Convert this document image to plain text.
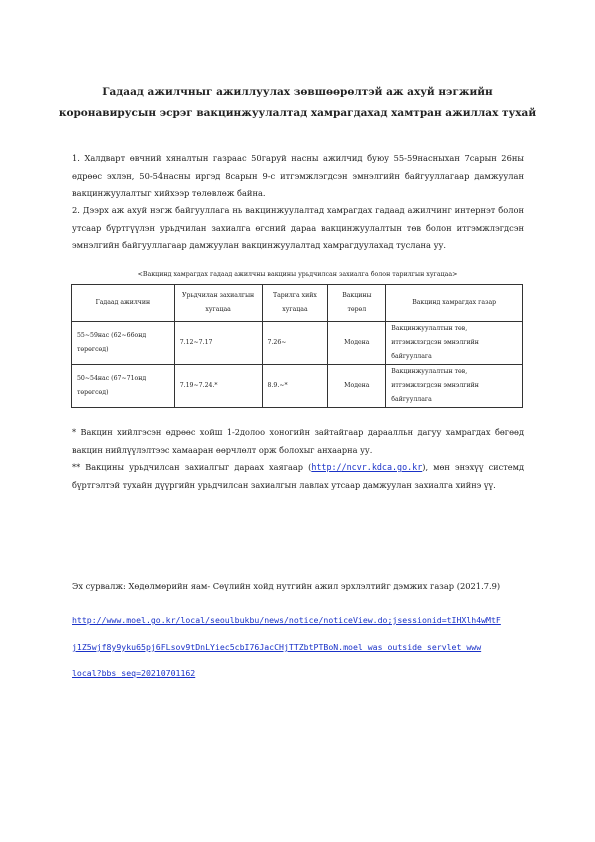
Гадаад ажилчныг ажиллуулах зөвшөөрөлтэй аж ахуй нэгжийн
коронавирусын эсрэг вакцинжуулалтад хамрагдахад хамтран ажиллах тухай
1. Халдварт өвчний хяналтын газраас 50гаруй насны ажилчид буюу 55-59насныхан 7сарын 26ны өдрөөс эхлэн, 50-54насны иргэд 8сарын 9-с итгэмжлэгдсэн эмнэлгийн байгууллагаар дамжуулан вакцинжуулалтыг хийхээр төлөвлөж байна.
2. Дээрх аж ахуй нэгж байгууллага нь вакцинжуулалтад хамрагдах гадаад ажилчинг интернэт болон утсаар бүртгүүлэн урьдчилан захиалга өгсний дараа вакцинжуулалтын төв болон итгэмжлэгдсэн эмнэлгийн байгууллагаар дамжуулан вакцинжуулалтад хамрагдуулахад туслана уу.
<Вакцинд хамрагдах гадаад ажилчны вакцины урьдчилсан захиалга болон тарилгын хугацаа>
Гадаад ажилчин	Урьдчилан захиалгын хугацаа	Тарилга хийх хугацаа	Вакцины төрөл	Вакцинд хамрагдах газар
55~59нас (62~66онд төрөгсөд)	7.12~7.17	7.26~	Модена	Вакцинжуулалтын төв, итгэмжлэгдсэн эмнэлгийн байгууллага
50~54нас (67~71онд төрөгсөд)	7.19~7.24.*	8.9.~*	Модена	Вакцинжуулалтын төв, итгэмжлэгдсэн эмнэлгийн байгууллага
* Вакцин хийлгэсэн өдрөөс хойш 1-2долоо хоногийн зайтайгаар дараалльн дагуу хамрагдах бөгөөд вакцин нийлүүлэлтээс хамаарaн өөрчлөлт орж болохыг анхаарна уу.
** Вакцины урьдчилсан захиалгыг дараах хаягаар (http://ncvr.kdca.go.kr), мөн энэхүү системд бүртгэлтэй тухайн дүүргийн урьдчилсан захиалгын лавлах утсаар дамжуулан захиалга хийнэ үү.
Эх сурвалж: Хөдөлмөрийн яам- Сөүлийн хойд нутгийн ажил эрхлэлтийг дэмжих газар (2021.7.9)
http://www.moel.go.kr/local/seoulbukbu/news/notice/noticeView.do;jsessionid=tIHXlh4wMtF
j1Z5wjf8y9yku65pj6FLsov9tDnLYiec5cbI76JacCHjTTZbtPTBoN.moel_was_outside_servlet_www
local?bbs_seq=20210701162
